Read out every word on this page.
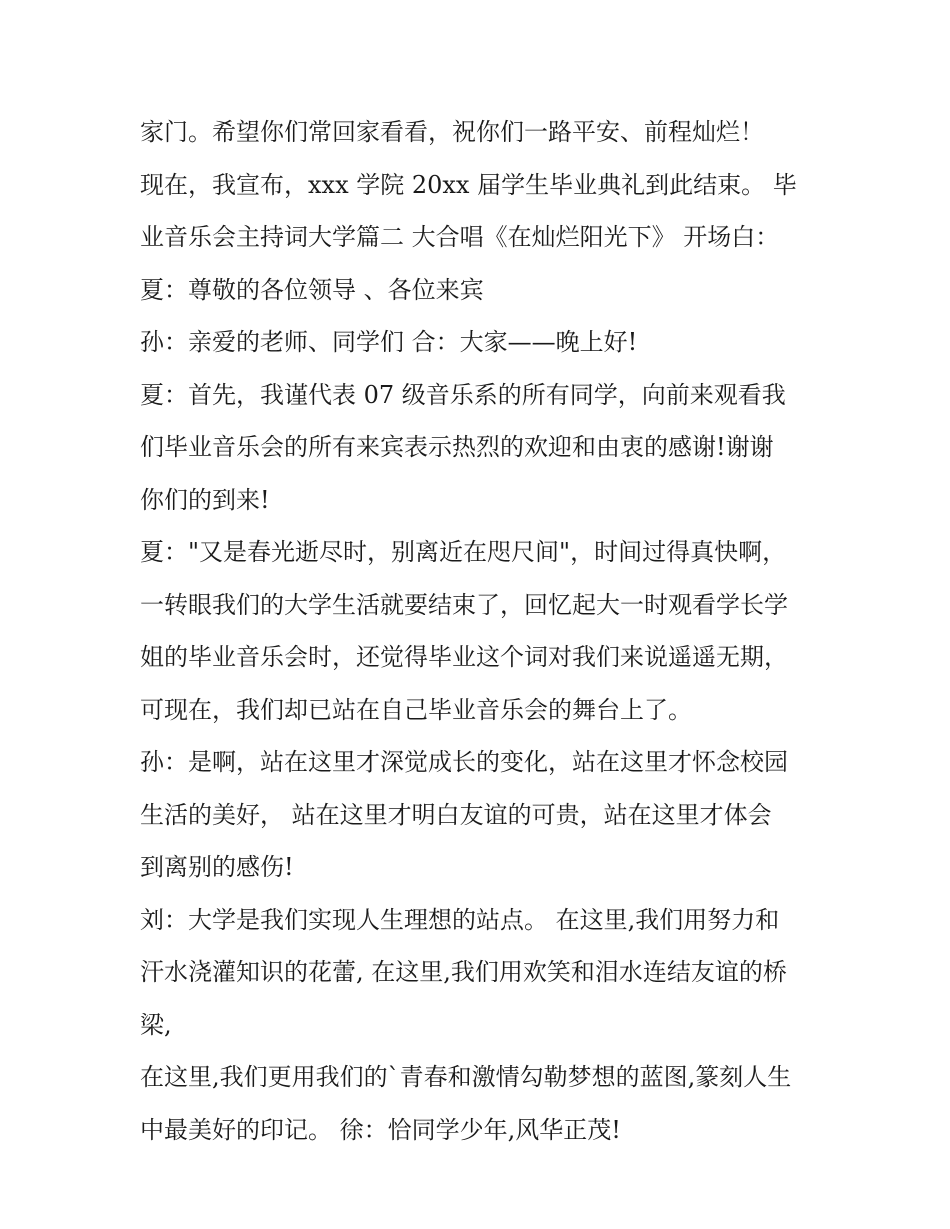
家门。希望你们常回家看看，祝你们一路平安、前程灿烂！
现在，我宣布，xxx 学院 20xx 届学生毕业典礼到此结束。 毕
业音乐会主持词大学篇二 大合唱《在灿烂阳光下》 开场白：
夏：尊敬的各位领导 、各位来宾
孙：亲爱的老师、同学们 合：大家——晚上好!
夏：首先，我谨代表 07 级音乐系的所有同学，向前来观看我
们毕业音乐会的所有来宾表示热烈的欢迎和由衷的感谢!谢谢
你们的到来!
夏："又是春光逝尽时，别离近在咫尺间"，时间过得真快啊，
一转眼我们的大学生活就要结束了，回忆起大一时观看学长学
姐的毕业音乐会时，还觉得毕业这个词对我们来说遥遥无期，
可现在，我们却已站在自己毕业音乐会的舞台上了。
孙：是啊，站在这里才深觉成长的变化，站在这里才怀念校园
生活的美好， 站在这里才明白友谊的可贵，站在这里才体会
到离别的感伤!
刘：大学是我们实现人生理想的站点。 在这里,我们用努力和
汗水浇灌知识的花蕾, 在这里,我们用欢笑和泪水连结友谊的桥
梁,
在这里,我们更用我们的`青春和激情勾勒梦想的蓝图,篆刻人生
中最美好的印记。 徐：恰同学少年,风华正茂!
